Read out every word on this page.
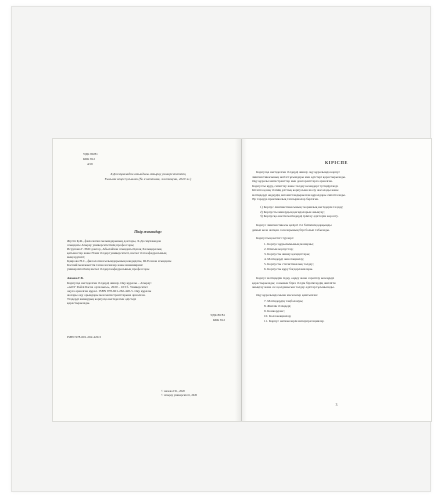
УДК 80/81
КБК 812
А59
Х.Досмұхамедов атындағы Атырау университетінің
Ғылыми кеңесі ұсынған (№ 4 хаттама, желтоқсан, 2020 ж.)
Пікір жазғандар:
Жүсіп Қ.Ф., филология ғылымдарының докторы, Х.Досмұхамедов
атындағы Атырау университетінің профессоры;
Исрупова Г. PhD доктор, Абылайхан атындағы Қазақ Халықаралық
қатынастар және Әлем тілдері университеті, шетел тілі кафедрасының
меңгерушісі;
Қаирова Н.С., филология ғылымдарының кандидаты, Ш.Есенов атындағы
Каспий мемлекеттік технологиялар және инжиниринг
университетінің шетел тілдері кафедрасының профессоры
Аязова Г.Б.
Корпусқа негізделген тілдерді жинау. Оқу құралы – Атырау:
«АӨУ Рөйлі Баспа орталығы», 2020 – 103 б. Университет
оқуға арналған құрал. ISBN 978-601-262-420-5. Оқу құралы
жоғары оқу орындары мен магистранттарына арналған.
Тілдерді жинаудың корпусқа негізделген әдістері
қарастырылады.
УДК 80/81
КБК 812
ISBN 978-601-262-420-5
© Аязова Г.Б., 2020
© Атырау университеті, 2020
КІРІСПЕ
Корпусқа негізделген тілдерді жинау оқу құралында корпус
лингвистикасының негізгі ұғымдары мен әдістері қарастырылады.
Оқу құралы магистранттар мен докторанттарға арналған.
Корпусты құру, сипаттау және талдау кезеңдері түсіндіріледі.
Кітапта қазақ тілінің ұлттық корпусына шолу жасалады және
мәтіндерді өңдеудің автоматтандырылған құралдары сипатталады.
Әр тарауда практикалық тапсырмалар берілген.
1) Корпус лингвистикасының теориялық негіздерін талдау;
2) Корпусты жинаудың қағидаларын анықтау;
3) Корпусқа енетін мәтіндерді іріктеу әдістерін көрсету.
Корпус лингвистикасы қазіргі тіл білімінің қарқынды
дамып келе жатқан салаларының бірі болып табылады.
Корпустың негізгі түрлері:
1. Корпус құрылымының мазмұны;
2. Шағын корпустар;
3. Корпусты жинау қағидаттары;
4. Мәтіндерді аннотациялау;
5. Корпусты статистикалық талдау;
6. Корпусты құру бағдарламалары.
Корпус мәтіндерін іздеу, өңдеу және сараптау кезеңдері
қарастырылады; сонымен бірге тілдік бірліктердің жиілігін
анықтау және сөз қолданысын талдау әдістері ұсынылады.
Оқу құралында мына мәселелер қамтылған:
7. Мәтіндердің таңбалануы;
8. Жиілік тізімдері;
9. Конкорданс;
10. Коллокациялар;
11. Корпус нәтижелерін интерпретациялау.
3
